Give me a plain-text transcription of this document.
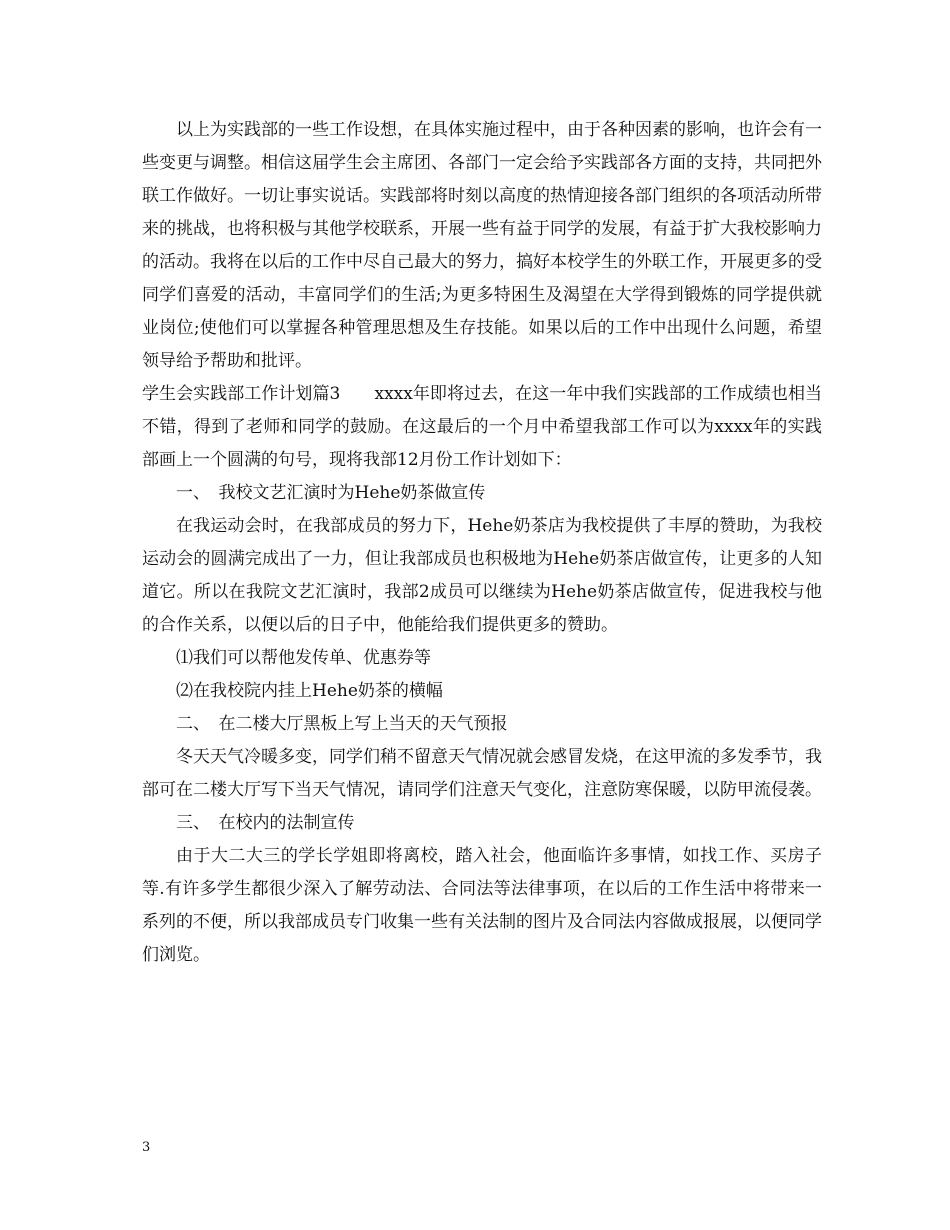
以上为实践部的一些工作设想，在具体实施过程中，由于各种因素的影响，也许会有一些变更与调整。相信这届学生会主席团、各部门一定会给予实践部各方面的支持，共同把外联工作做好。一切让事实说话。实践部将时刻以高度的热情迎接各部门组织的各项活动所带来的挑战，也将积极与其他学校联系，开展一些有益于同学的发展，有益于扩大我校影响力的活动。我将在以后的工作中尽自己最大的努力，搞好本校学生的外联工作，开展更多的受同学们喜爱的活动，丰富同学们的生活;为更多特困生及渴望在大学得到锻炼的同学提供就业岗位;使他们可以掌握各种管理思想及生存技能。如果以后的工作中出现什么问题，希望领导给予帮助和批评。

学生会实践部工作计划篇3　　xxxx年即将过去，在这一年中我们实践部的工作成绩也相当不错，得到了老师和同学的鼓励。在这最后的一个月中希望我部工作可以为xxxx年的实践部画上一个圆满的句号，现将我部12月份工作计划如下：

一、　我校文艺汇演时为Hehe奶茶做宣传

在我运动会时，在我部成员的努力下，Hehe奶茶店为我校提供了丰厚的赞助，为我校运动会的圆满完成出了一力，但让我部成员也积极地为Hehe奶茶店做宣传，让更多的人知道它。所以在我院文艺汇演时，我部2成员可以继续为Hehe奶茶店做宣传，促进我校与他的合作关系，以便以后的日子中，他能给我们提供更多的赞助。

⑴我们可以帮他发传单、优惠券等

⑵在我校院内挂上Hehe奶茶的横幅

二、　在二楼大厅黑板上写上当天的天气预报

冬天天气冷暖多变，同学们稍不留意天气情况就会感冒发烧，在这甲流的多发季节，我部可在二楼大厅写下当天气情况，请同学们注意天气变化，注意防寒保暖，以防甲流侵袭。

三、　在校内的法制宣传

由于大二大三的学长学姐即将离校，踏入社会，他面临许多事情，如找工作、买房子等.有许多学生都很少深入了解劳动法、合同法等法律事项，在以后的工作生活中将带来一系列的不便，所以我部成员专门收集一些有关法制的图片及合同法内容做成报展，以便同学们浏览。

3
